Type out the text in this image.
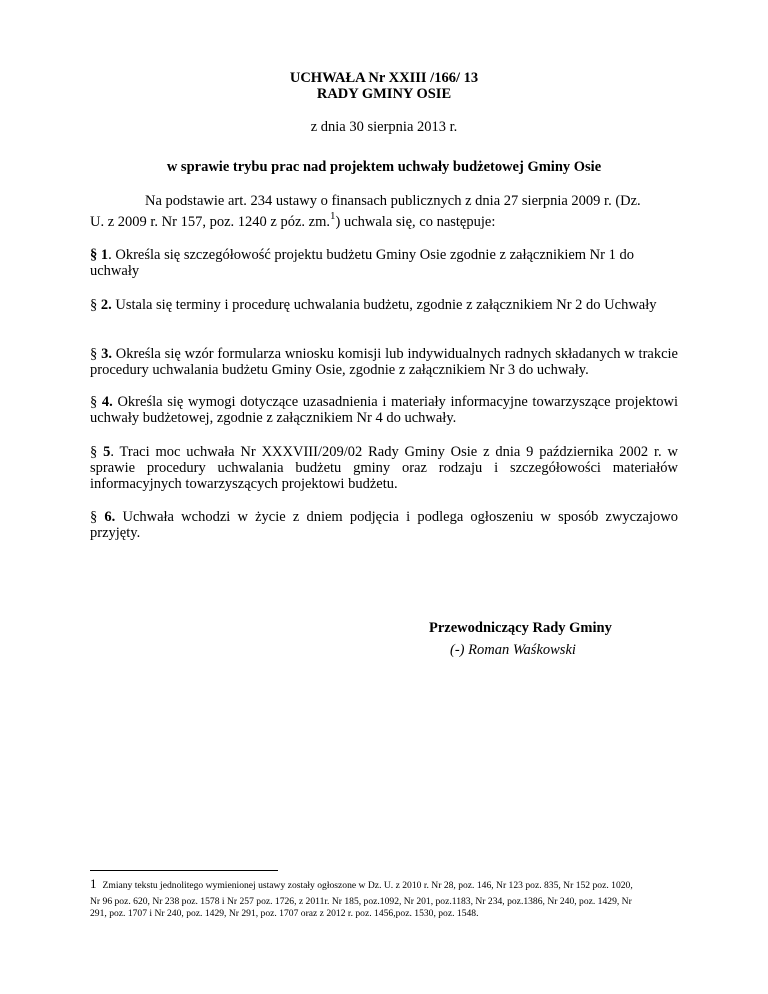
UCHWAŁA Nr XXIII /166/ 13
RADY GMINY OSIE
z dnia 30 sierpnia 2013 r.
w sprawie trybu prac nad projektem uchwały budżetowej Gminy Osie
Na podstawie art. 234 ustawy o finansach publicznych z dnia 27 sierpnia 2009 r. (Dz.
U. z 2009 r. Nr 157, poz. 1240 z póz. zm.$^1$) uchwala się, co następuje:
§ 1. Określa się szczegółowość projektu budżetu Gminy Osie zgodnie z załącznikiem Nr 1 do uchwały
§ 2. Ustala się terminy i procedurę uchwalania budżetu, zgodnie z załącznikiem Nr 2 do Uchwały
§ 3. Określa się wzór formularza wniosku komisji lub indywidualnych radnych składanych w trakcie procedury uchwalania budżetu Gminy Osie, zgodnie z załącznikiem Nr 3 do uchwały.
§ 4. Określa się wymogi dotyczące uzasadnienia i materiały informacyjne towarzyszące projektowi uchwały budżetowej, zgodnie z załącznikiem Nr 4 do uchwały.
§ 5. Traci moc uchwała Nr XXXVIII/209/02 Rady Gminy Osie z dnia 9 października 2002 r. w sprawie procedury uchwalania budżetu gminy oraz rodzaju i szczegółowości materiałów informacyjnych towarzyszących projektowi budżetu.
§ 6. Uchwała wchodzi w życie z dniem podjęcia i podlega ogłoszeniu w sposób zwyczajowo przyjęty.
Przewodniczący Rady Gminy
(-) Roman Waśkowski
1 Zmiany tekstu jednolitego wymienionej ustawy zostały ogłoszone w Dz. U. z 2010 r. Nr 28, poz. 146, Nr 123 poz. 835, Nr 152 poz. 1020,
Nr 96 poz. 620, Nr 238 poz. 1578 i Nr 257 poz. 1726, z 2011r. Nr 185, poz.1092, Nr 201, poz.1183, Nr 234, poz.1386, Nr 240, poz. 1429, Nr
291, poz. 1707 i Nr 240, poz. 1429, Nr 291, poz. 1707 oraz z 2012 r. poz. 1456,poz. 1530, poz. 1548.
